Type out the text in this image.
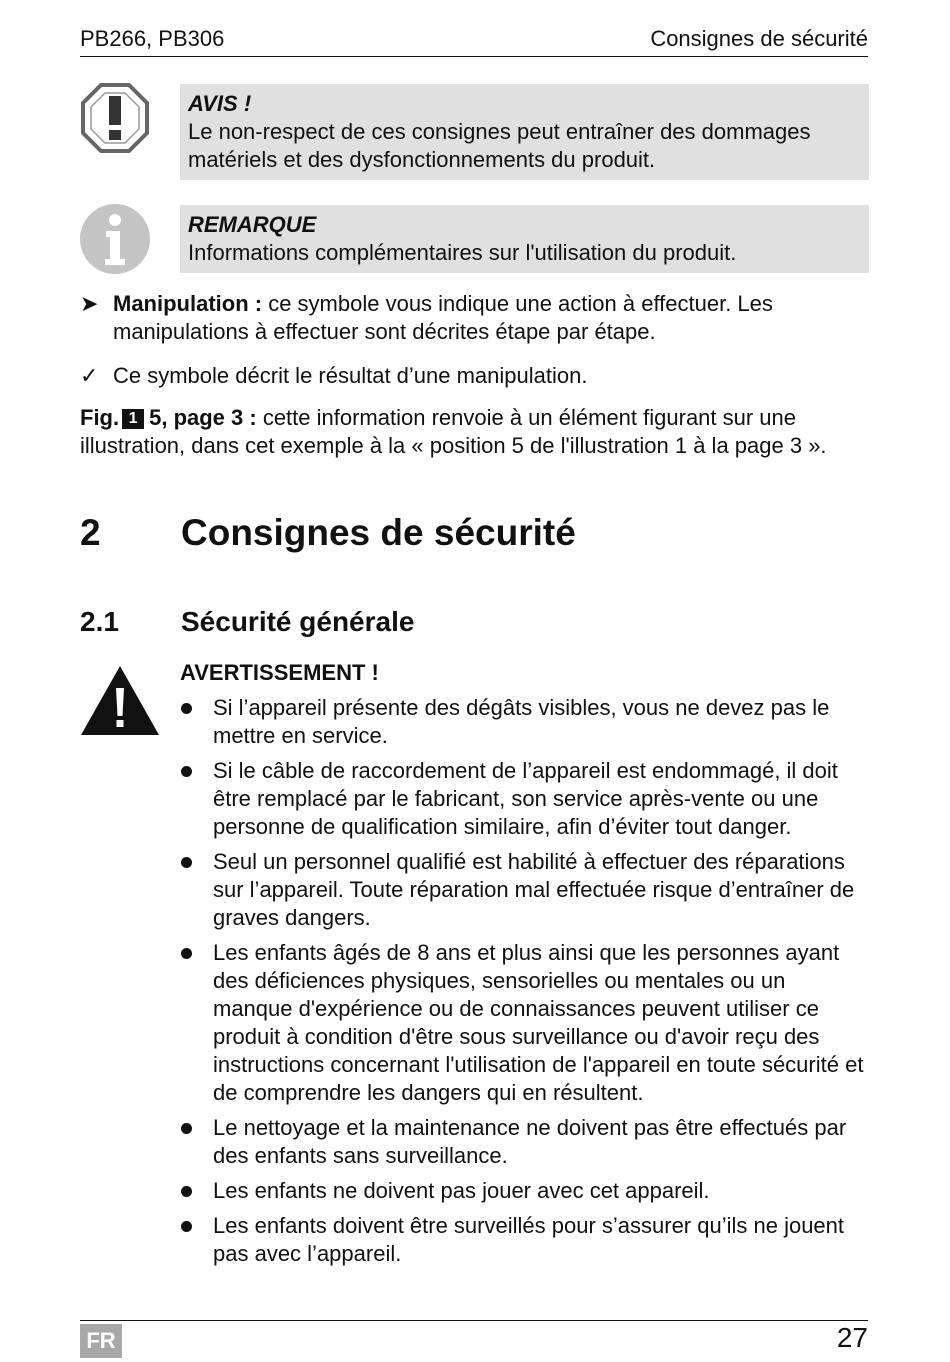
PB266, PB306	Consignes de sécurité
AVIS !
Le non-respect de ces consignes peut entraîner des dommages matériels et des dysfonctionnements du produit.
REMARQUE
Informations complémentaires sur l'utilisation du produit.
➤ Manipulation : ce symbole vous indique une action à effectuer. Les manipulations à effectuer sont décrites étape par étape.
✓ Ce symbole décrit le résultat d’une manipulation.
Fig. 1 5, page 3 : cette information renvoie à un élément figurant sur une illustration, dans cet exemple à la « position 5 de l'illustration 1 à la page 3 ».
2 Consignes de sécurité
2.1 Sécurité générale
AVERTISSEMENT !
Si l’appareil présente des dégâts visibles, vous ne devez pas le mettre en service.
Si le câble de raccordement de l’appareil est endommagé, il doit être remplacé par le fabricant, son service après-vente ou une personne de qualification similaire, afin d’éviter tout danger.
Seul un personnel qualifié est habilité à effectuer des réparations sur l’appareil. Toute réparation mal effectuée risque d’entraîner de graves dangers.
Les enfants âgés de 8 ans et plus ainsi que les personnes ayant des déficiences physiques, sensorielles ou mentales ou un manque d'expérience ou de connaissances peuvent utiliser ce produit à condition d'être sous surveillance ou d'avoir reçu des instructions concernant l'utilisation de l'appareil en toute sécurité et de comprendre les dangers qui en résultent.
Le nettoyage et la maintenance ne doivent pas être effectués par des enfants sans surveillance.
Les enfants ne doivent pas jouer avec cet appareil.
Les enfants doivent être surveillés pour s’assurer qu’ils ne jouent pas avec l’appareil.
FR	27
